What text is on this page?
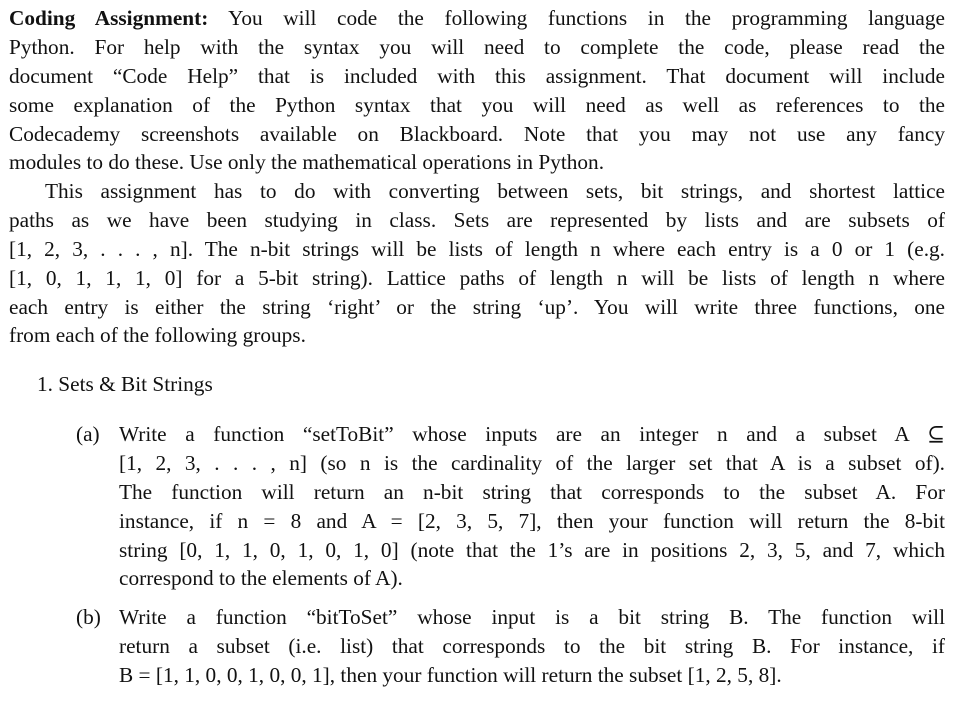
Coding Assignment: You will code the following functions in the programming language
Python. For help with the syntax you will need to complete the code, please read the
document “Code Help” that is included with this assignment. That document will include
some explanation of the Python syntax that you will need as well as references to the
Codecademy screenshots available on Blackboard. Note that you may not use any fancy
modules to do these. Use only the mathematical operations in Python.
This assignment has to do with converting between sets, bit strings, and shortest lattice
paths as we have been studying in class. Sets are represented by lists and are subsets of
[1, 2, 3, . . . , n]. The n-bit strings will be lists of length n where each entry is a 0 or 1 (e.g.
[1, 0, 1, 1, 1, 0] for a 5-bit string). Lattice paths of length n will be lists of length n where
each entry is either the string ‘right’ or the string ‘up’. You will write three functions, one
from each of the following groups.
1. Sets & Bit Strings
(a) Write a function “setToBit” whose inputs are an integer n and a subset A ⊆
[1, 2, 3, . . . , n] (so n is the cardinality of the larger set that A is a subset of).
The function will return an n-bit string that corresponds to the subset A. For
instance, if n = 8 and A = [2, 3, 5, 7], then your function will return the 8-bit
string [0, 1, 1, 0, 1, 0, 1, 0] (note that the 1’s are in positions 2, 3, 5, and 7, which
correspond to the elements of A).
(b) Write a function “bitToSet” whose input is a bit string B. The function will
return a subset (i.e. list) that corresponds to the bit string B. For instance, if
B = [1, 1, 0, 0, 1, 0, 0, 1], then your function will return the subset [1, 2, 5, 8].
